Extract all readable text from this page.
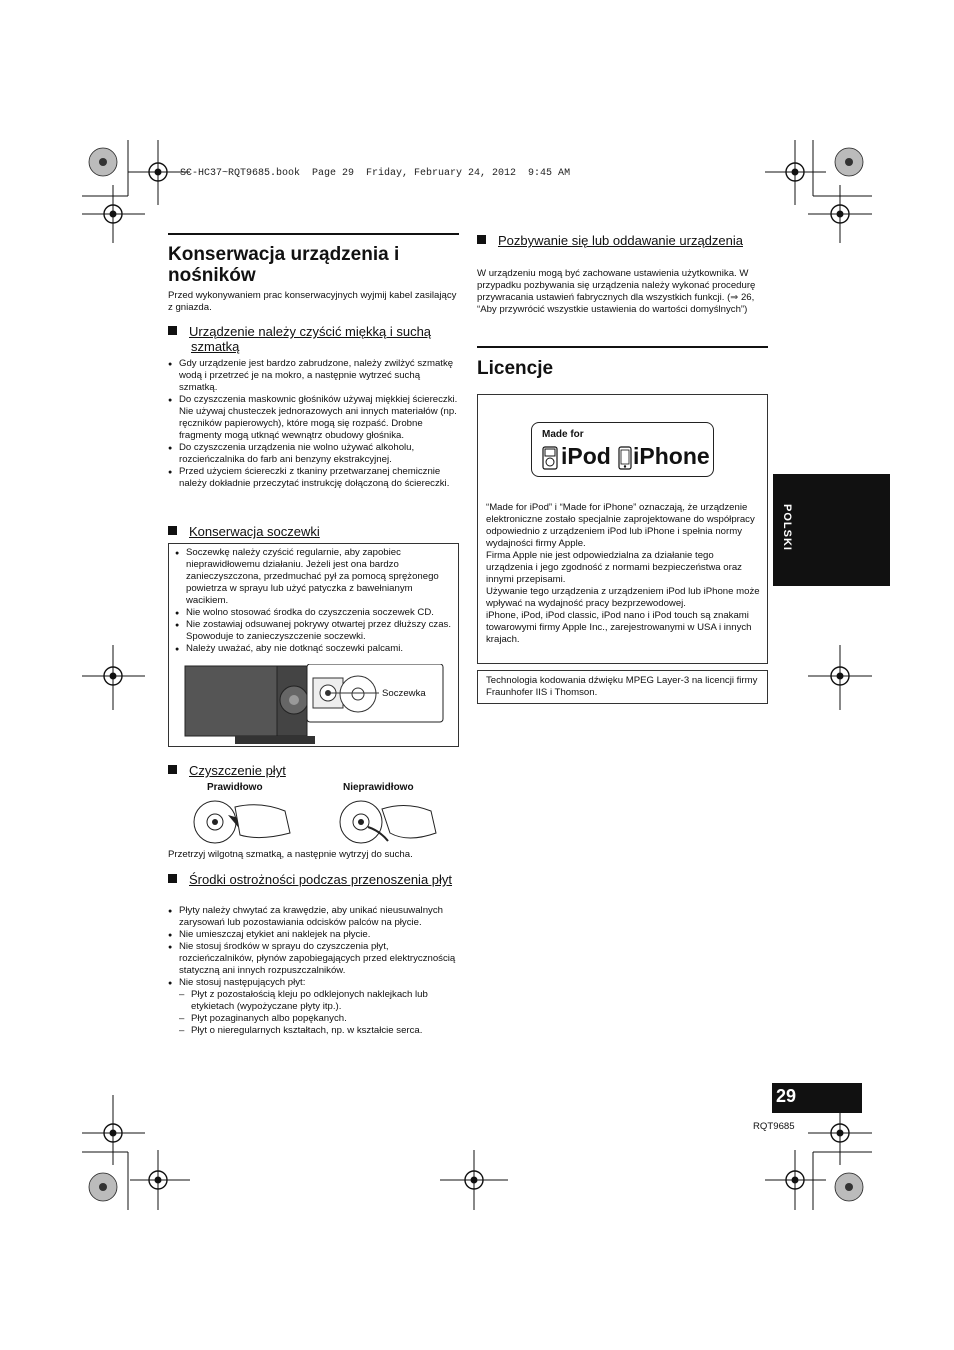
SC-HC37~RQT9685.book  Page 29  Friday, February 24, 2012  9:45 AM
Konserwacja urządzenia i
nośników
Przed wykonywaniem prac konserwacyjnych wyjmij kabel zasilający z gniazda.
Urządzenie należy czyścić miękką i suchą szmatką
● Gdy urządzenie jest bardzo zabrudzone, należy zwilżyć szmatkę wodą i przetrzeć je na mokro, a następnie wytrzeć suchą szmatką.
● Do czyszczenia maskownic głośników używaj miękkiej ściereczki. Nie używaj chusteczek jednorazowych ani innych materiałów (np. ręczników papierowych), które mogą się rozpaść. Drobne fragmenty mogą utknąć wewnątrz obudowy głośnika.
● Do czyszczenia urządzenia nie wolno używać alkoholu, rozcieńczalnika do farb ani benzyny ekstrakcyjnej.
● Przed użyciem ściereczki z tkaniny przetwarzanej chemicznie należy dokładnie przeczytać instrukcję dołączoną do ściereczki.
Konserwacja soczewki
● Soczewkę należy czyścić regularnie, aby zapobiec nieprawidłowemu działaniu. Jeżeli jest ona bardzo zanieczyszczona, przedmuchać pył za pomocą sprężonego powietrza w sprayu lub użyć patyczka z bawełnianym wacikiem.
● Nie wolno stosować środka do czyszczenia soczewek CD.
● Nie zostawiaj odsuwanej pokrywy otwartej przez dłuższy czas. Spowoduje to zanieczyszczenie soczewki.
● Należy uważać, aby nie dotknąć soczewki palcami.
Soczewka
Czyszczenie płyt
Prawidłowo	Nieprawidłowo
Przetrzyj wilgotną szmatką, a następnie wytrzyj do sucha.
Środki ostrożności podczas przenoszenia płyt
● Płyty należy chwytać za krawędzie, aby unikać nieusuwalnych zarysowań lub pozostawiania odcisków palców na płycie.
● Nie umieszczaj etykiet ani naklejek na płycie.
● Nie stosuj środków w sprayu do czyszczenia płyt, rozcieńczalników, płynów zapobiegających przed elektrycznością statyczną ani innych rozpuszczalników.
● Nie stosuj następujących płyt:
– Płyt z pozostałością kleju po odklejonych naklejkach lub etykietach (wypożyczane płyty itp.).
– Płyt pozaginanych albo popękanych.
– Płyt o nieregularnych kształtach, np. w kształcie serca.
Pozbywanie się lub oddawanie urządzenia
W urządzeniu mogą być zachowane ustawienia użytkownika. W przypadku pozbywania się urządzenia należy wykonać procedurę przywracania ustawień fabrycznych dla wszystkich funkcji. (⇒ 26, “Aby przywrócić wszystkie ustawienia do wartości domyślnych”)
Licencje
Made for
iPod iPhone
“Made for iPod” i “Made for iPhone” oznaczają, że urządzenie elektroniczne zostało specjalnie zaprojektowane do współpracy odpowiednio z urządzeniem iPod lub iPhone i spełnia normy wydajności firmy Apple.
Firma Apple nie jest odpowiedzialna za działanie tego urządzenia i jego zgodność z normami bezpieczeństwa oraz innymi przepisami.
Używanie tego urządzenia z urządzeniem iPod lub iPhone może wpływać na wydajność pracy bezprzewodowej.
iPhone, iPod, iPod classic, iPod nano i iPod touch są znakami towarowymi firmy Apple Inc., zarejestrowanymi w USA i innych krajach.
Technologia kodowania dźwięku MPEG Layer-3 na licencji firmy Fraunhofer IIS i Thomson.
POLSKI
29
RQT9685
